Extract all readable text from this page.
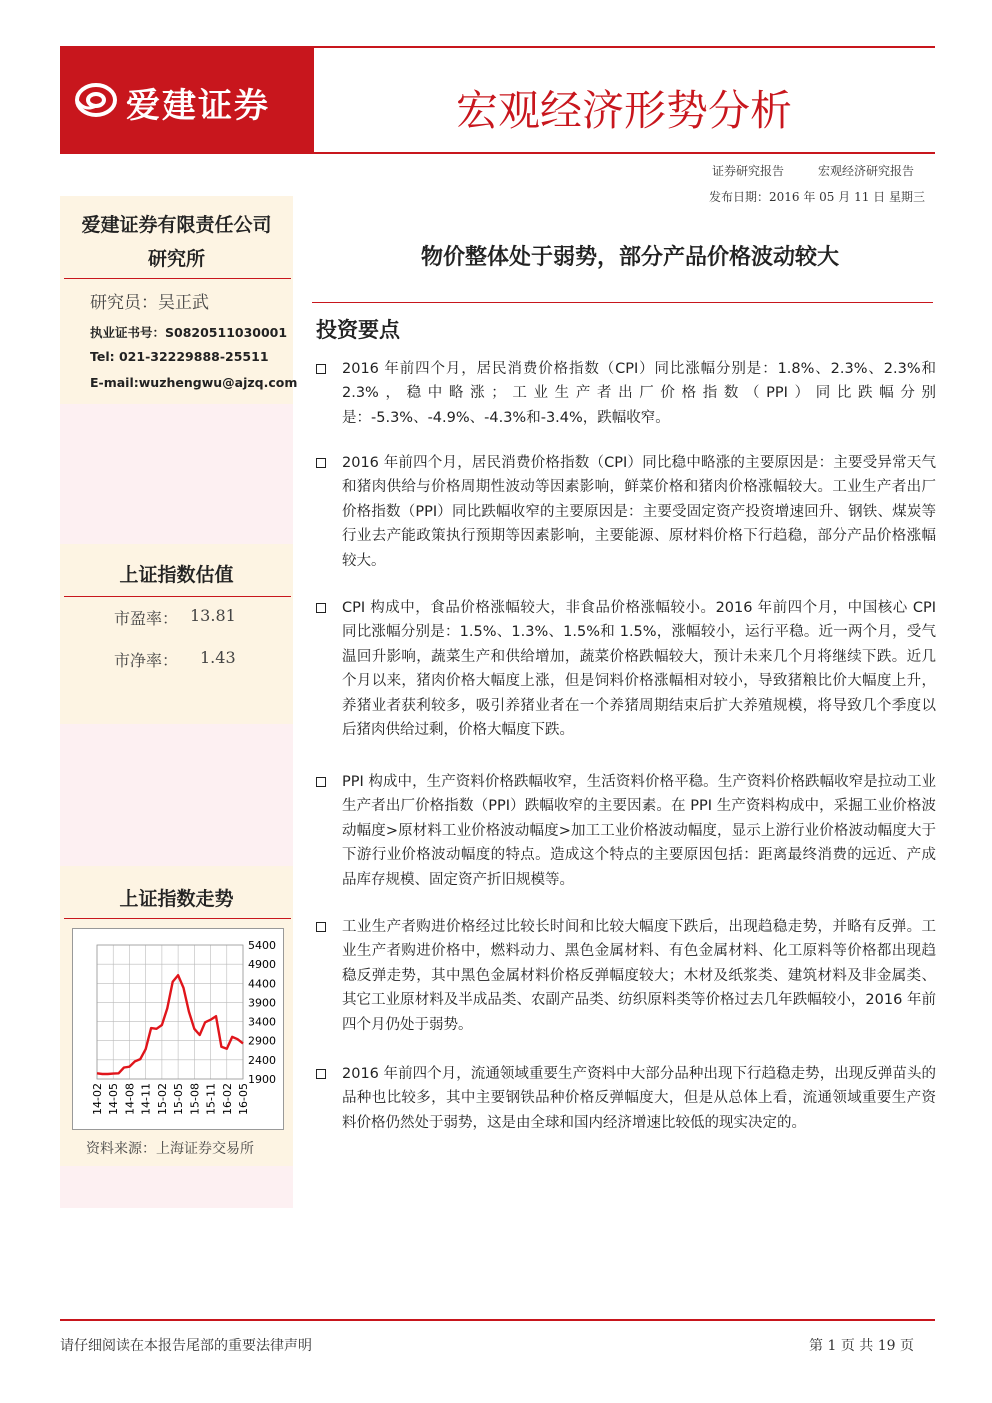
爱建证券	宏观经济形势分析
证券研究报告	宏观经济研究报告
发布日期：2016 年 05 月 11 日 星期三
爱建证券有限责任公司
研究所
研究员：吴正武
执业证书号：S0820511030001
Tel: 021-32229888-25511
E-mail:wuzhengwu@ajzq.com
上证指数估值
市盈率： 13.81
市净率： 1.43
上证指数走势
5400
4900
4400
3900
3400
2900
2400
1900
14-02 14-05 14-08 14-11 15-02 15-05 15-08 15-11 16-02 16-05
资料来源：上海证券交易所
物价整体处于弱势，部分产品价格波动较大
投资要点
2016 年前四个月，居民消费价格指数（CPI）同比涨幅分别是：1.8%、2.3%、2.3%和 2.3%，稳中略涨；工业生产者出厂价格指数（PPI）同比跌幅分别是：-5.3%、-4.9%、-4.3%和-3.4%，跌幅收窄。
2016 年前四个月，居民消费价格指数（CPI）同比稳中略涨的主要原因是：主要受异常天气和猪肉供给与价格周期性波动等因素影响，鲜菜价格和猪肉价格涨幅较大。工业生产者出厂价格指数（PPI）同比跌幅收窄的主要原因是：主要受固定资产投资增速回升、钢铁、煤炭等行业去产能政策执行预期等因素影响，主要能源、原材料价格下行趋稳，部分产品价格涨幅较大。
CPI 构成中，食品价格涨幅较大，非食品价格涨幅较小。2016 年前四个月，中国核心 CPI 同比涨幅分别是：1.5%、1.3%、1.5%和 1.5%，涨幅较小，运行平稳。近一两个月，受气温回升影响，蔬菜生产和供给增加，蔬菜价格跌幅较大，预计未来几个月将继续下跌。近几个月以来，猪肉价格大幅度上涨，但是饲料价格涨幅相对较小，导致猪粮比价大幅度上升，养猪业者获利较多，吸引养猪业者在一个养猪周期结束后扩大养殖规模，将导致几个季度以后猪肉供给过剩，价格大幅度下跌。
PPI 构成中，生产资料价格跌幅收窄，生活资料价格平稳。生产资料价格跌幅收窄是拉动工业生产者出厂价格指数（PPI）跌幅收窄的主要因素。在 PPI 生产资料构成中，采掘工业价格波动幅度>原材料工业价格波动幅度>加工工业价格波动幅度，显示上游行业价格波动幅度大于下游行业价格波动幅度的特点。造成这个特点的主要原因包括：距离最终消费的远近、产成品库存规模、固定资产折旧规模等。
工业生产者购进价格经过比较长时间和比较大幅度下跌后，出现趋稳走势，并略有反弹。工业生产者购进价格中，燃料动力、黑色金属材料、有色金属材料、化工原料等价格都出现趋稳反弹走势，其中黑色金属材料价格反弹幅度较大；木材及纸浆类、建筑材料及非金属类、其它工业原材料及半成品类、农副产品类、纺织原料类等价格过去几年跌幅较小，2016 年前四个月仍处于弱势。
2016 年前四个月，流通领域重要生产资料中大部分品种出现下行趋稳走势，出现反弹苗头的品种也比较多，其中主要钢铁品种价格反弹幅度大，但是从总体上看，流通领域重要生产资料价格仍然处于弱势，这是由全球和国内经济增速比较低的现实决定的。
请仔细阅读在本报告尾部的重要法律声明	第 1 页 共 19 页
